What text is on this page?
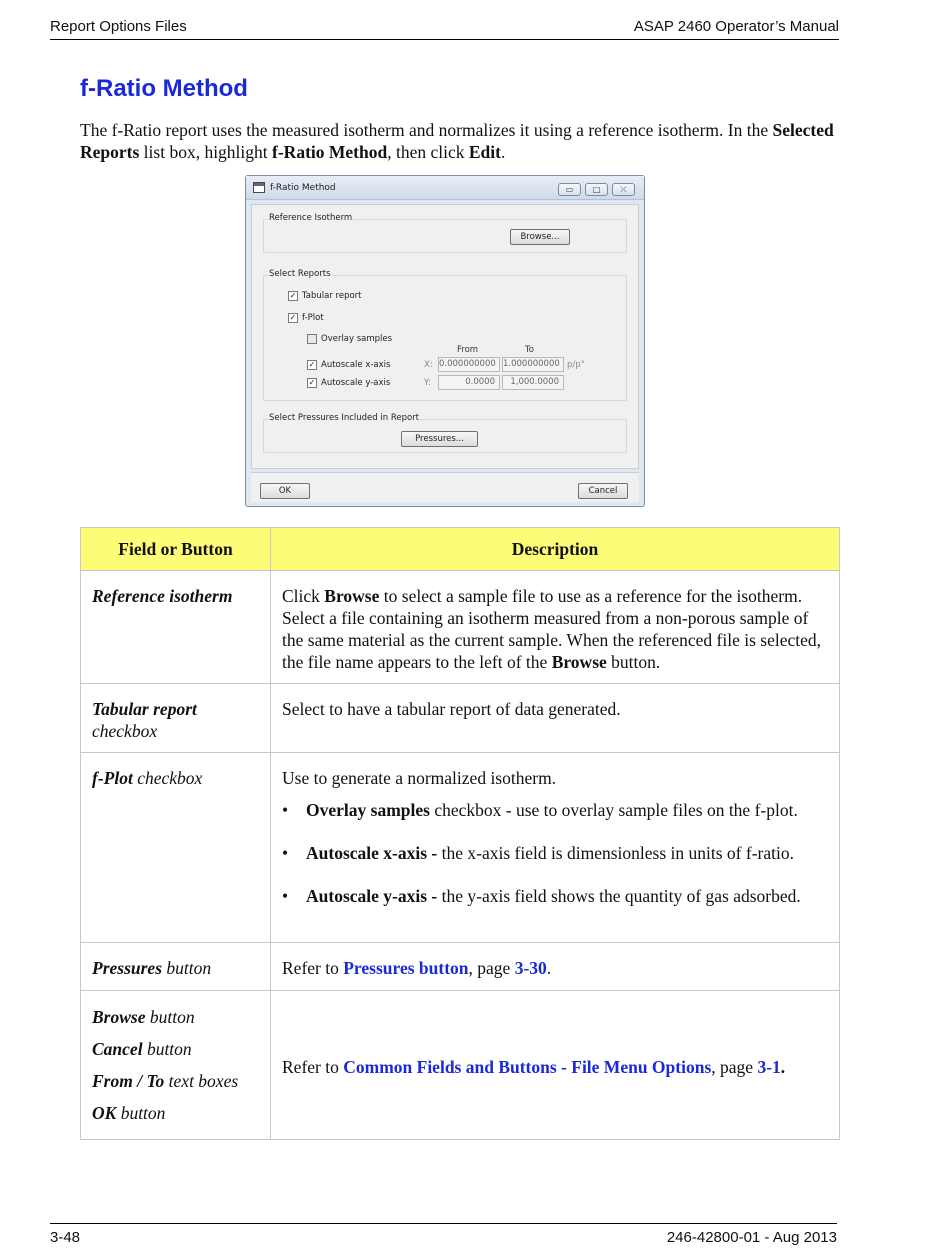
Report Options Files	ASAP 2460 Operator’s Manual
f-Ratio Method

The f-Ratio report uses the measured isotherm and normalizes it using a reference isotherm. In the Selected Reports list box, highlight f-Ratio Method, then click Edit.

f-Ratio Method	▭	□	⤫
Reference Isotherm
Browse...
Select Reports
✓ Tabular report
✓ f-Plot
Overlay samples
From	To
✓ Autoscale x-axis	X: 0.000000000 1.000000000 p/p°
✓ Autoscale y-axis	Y:	0.0000	1,000.0000
Select Pressures Included in Report
Pressures...
OK	Cancel
Field or Button	Description
Reference isotherm	Click Browse to select a sample file to use as a reference for the isotherm. Select a file containing an isotherm measured from a non-porous sample of the same material as the current sample. When the referenced file is selected, the file name appears to the left of the Browse button.
Tabular report
checkbox	Select to have a tabular report of data generated.
f-Plot checkbox	Use to generate a normalized isotherm.
• Overlay samples checkbox - use to overlay sample files on the f-plot.
• Autoscale x-axis - the x-axis field is dimensionless in units of f-ratio.
• Autoscale y-axis - the y-axis field shows the quantity of gas adsorbed.

Pressures button	Refer to Pressures button, page 3-30.

Browse button
Cancel button
From / To text boxes
OK button	Refer to Common Fields and Buttons - File Menu Options, page 3-1.
3-48	246-42800-01 - Aug 2013
